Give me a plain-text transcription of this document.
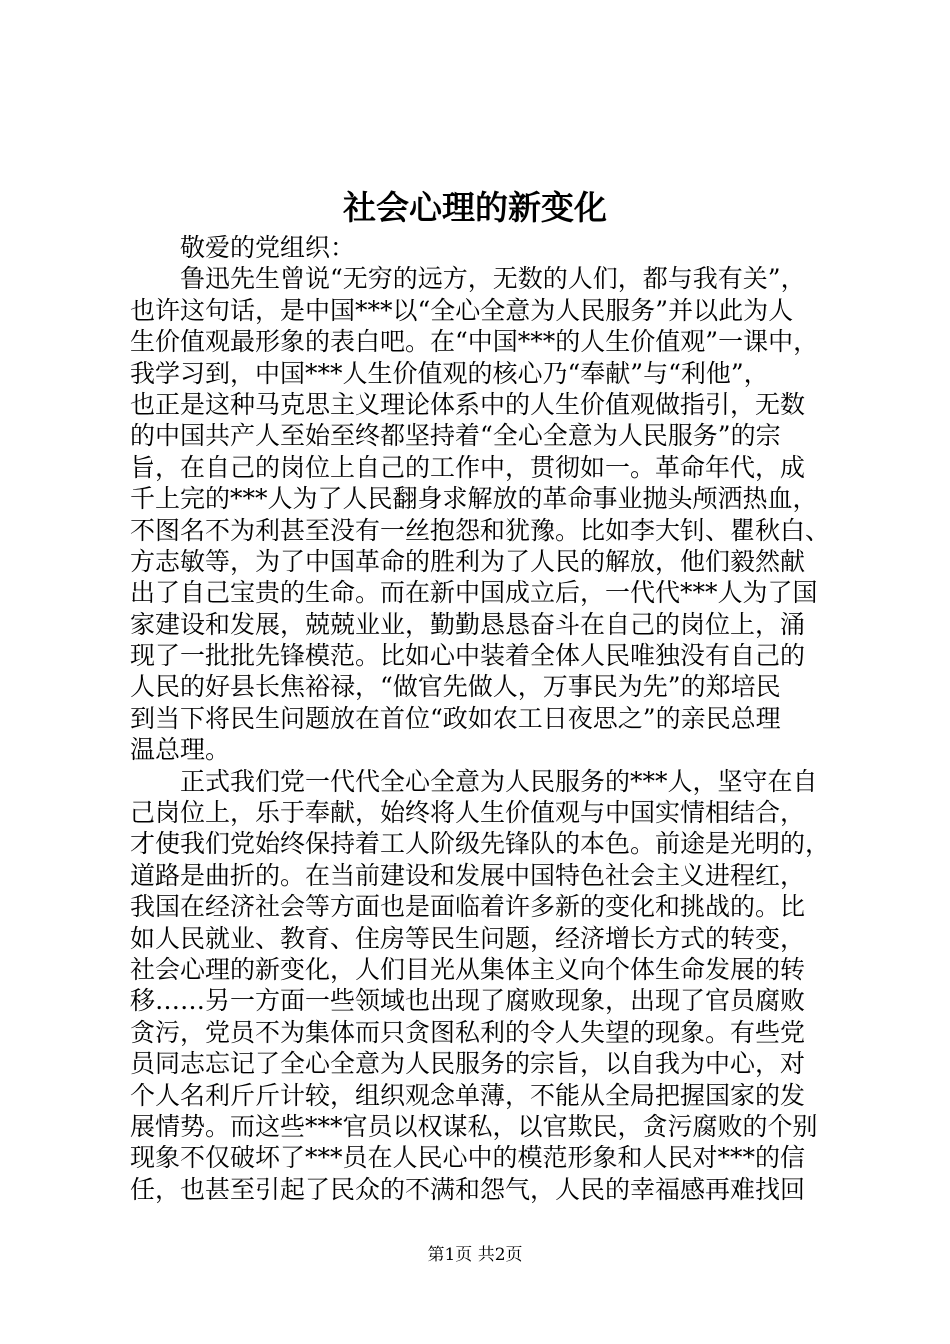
社会心理的新变化
敬爱的党组织：
鲁迅先生曾说“无穷的远方，无数的人们，都与我有关”，
也许这句话，是中国***以“全心全意为人民服务”并以此为人
生价值观最形象的表白吧。在“中国***的人生价值观”一课中，
我学习到，中国***人生价值观的核心乃“奉献”与“利他”，
也正是这种马克思主义理论体系中的人生价值观做指引，无数
的中国共产人至始至终都坚持着“全心全意为人民服务”的宗
旨，在自己的岗位上自己的工作中，贯彻如一。革命年代，成
千上完的***人为了人民翻身求解放的革命事业抛头颅洒热血，
不图名不为利甚至没有一丝抱怨和犹豫。比如李大钊、瞿秋白、
方志敏等，为了中国革命的胜利为了人民的解放，他们毅然献
出了自己宝贵的生命。而在新中国成立后，一代代***人为了国
家建设和发展，兢兢业业，勤勤恳恳奋斗在自己的岗位上，涌
现了一批批先锋模范。比如心中装着全体人民唯独没有自己的
人民的好县长焦裕禄，“做官先做人，万事民为先”的郑培民
到当下将民生问题放在首位“政如农工日夜思之”的亲民总理
温总理。
正式我们党一代代全心全意为人民服务的***人，坚守在自
己岗位上，乐于奉献，始终将人生价值观与中国实情相结合，
才使我们党始终保持着工人阶级先锋队的本色。前途是光明的，
道路是曲折的。在当前建设和发展中国特色社会主义进程红，
我国在经济社会等方面也是面临着许多新的变化和挑战的。比
如人民就业、教育、住房等民生问题，经济增长方式的转变，
社会心理的新变化，人们目光从集体主义向个体生命发展的转
移……另一方面一些领域也出现了腐败现象，出现了官员腐败
贪污，党员不为集体而只贪图私利的令人失望的现象。有些党
员同志忘记了全心全意为人民服务的宗旨，以自我为中心，对
个人名利斤斤计较，组织观念单薄，不能从全局把握国家的发
展情势。而这些***官员以权谋私，以官欺民，贪污腐败的个别
现象不仅破坏了***员在人民心中的模范形象和人民对***的信
任，也甚至引起了民众的不满和怨气，人民的幸福感再难找回
第1页 共2页
